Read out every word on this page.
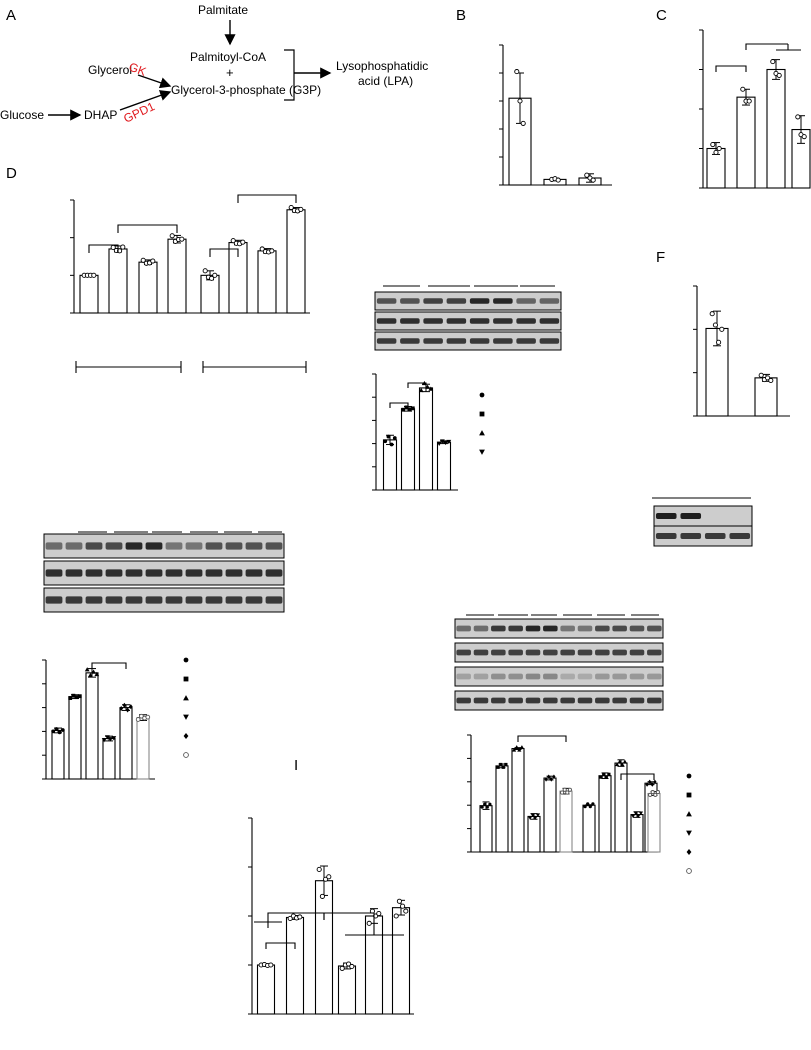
A	Palmitate
Palmitoyl-CoA
+
Glycerol-3-phosphate (G3P)
Glycerol
GK
Glucose	DHAP GPD1
Lysophosphatidic
acid (LPA)
B	C
D
F
I
